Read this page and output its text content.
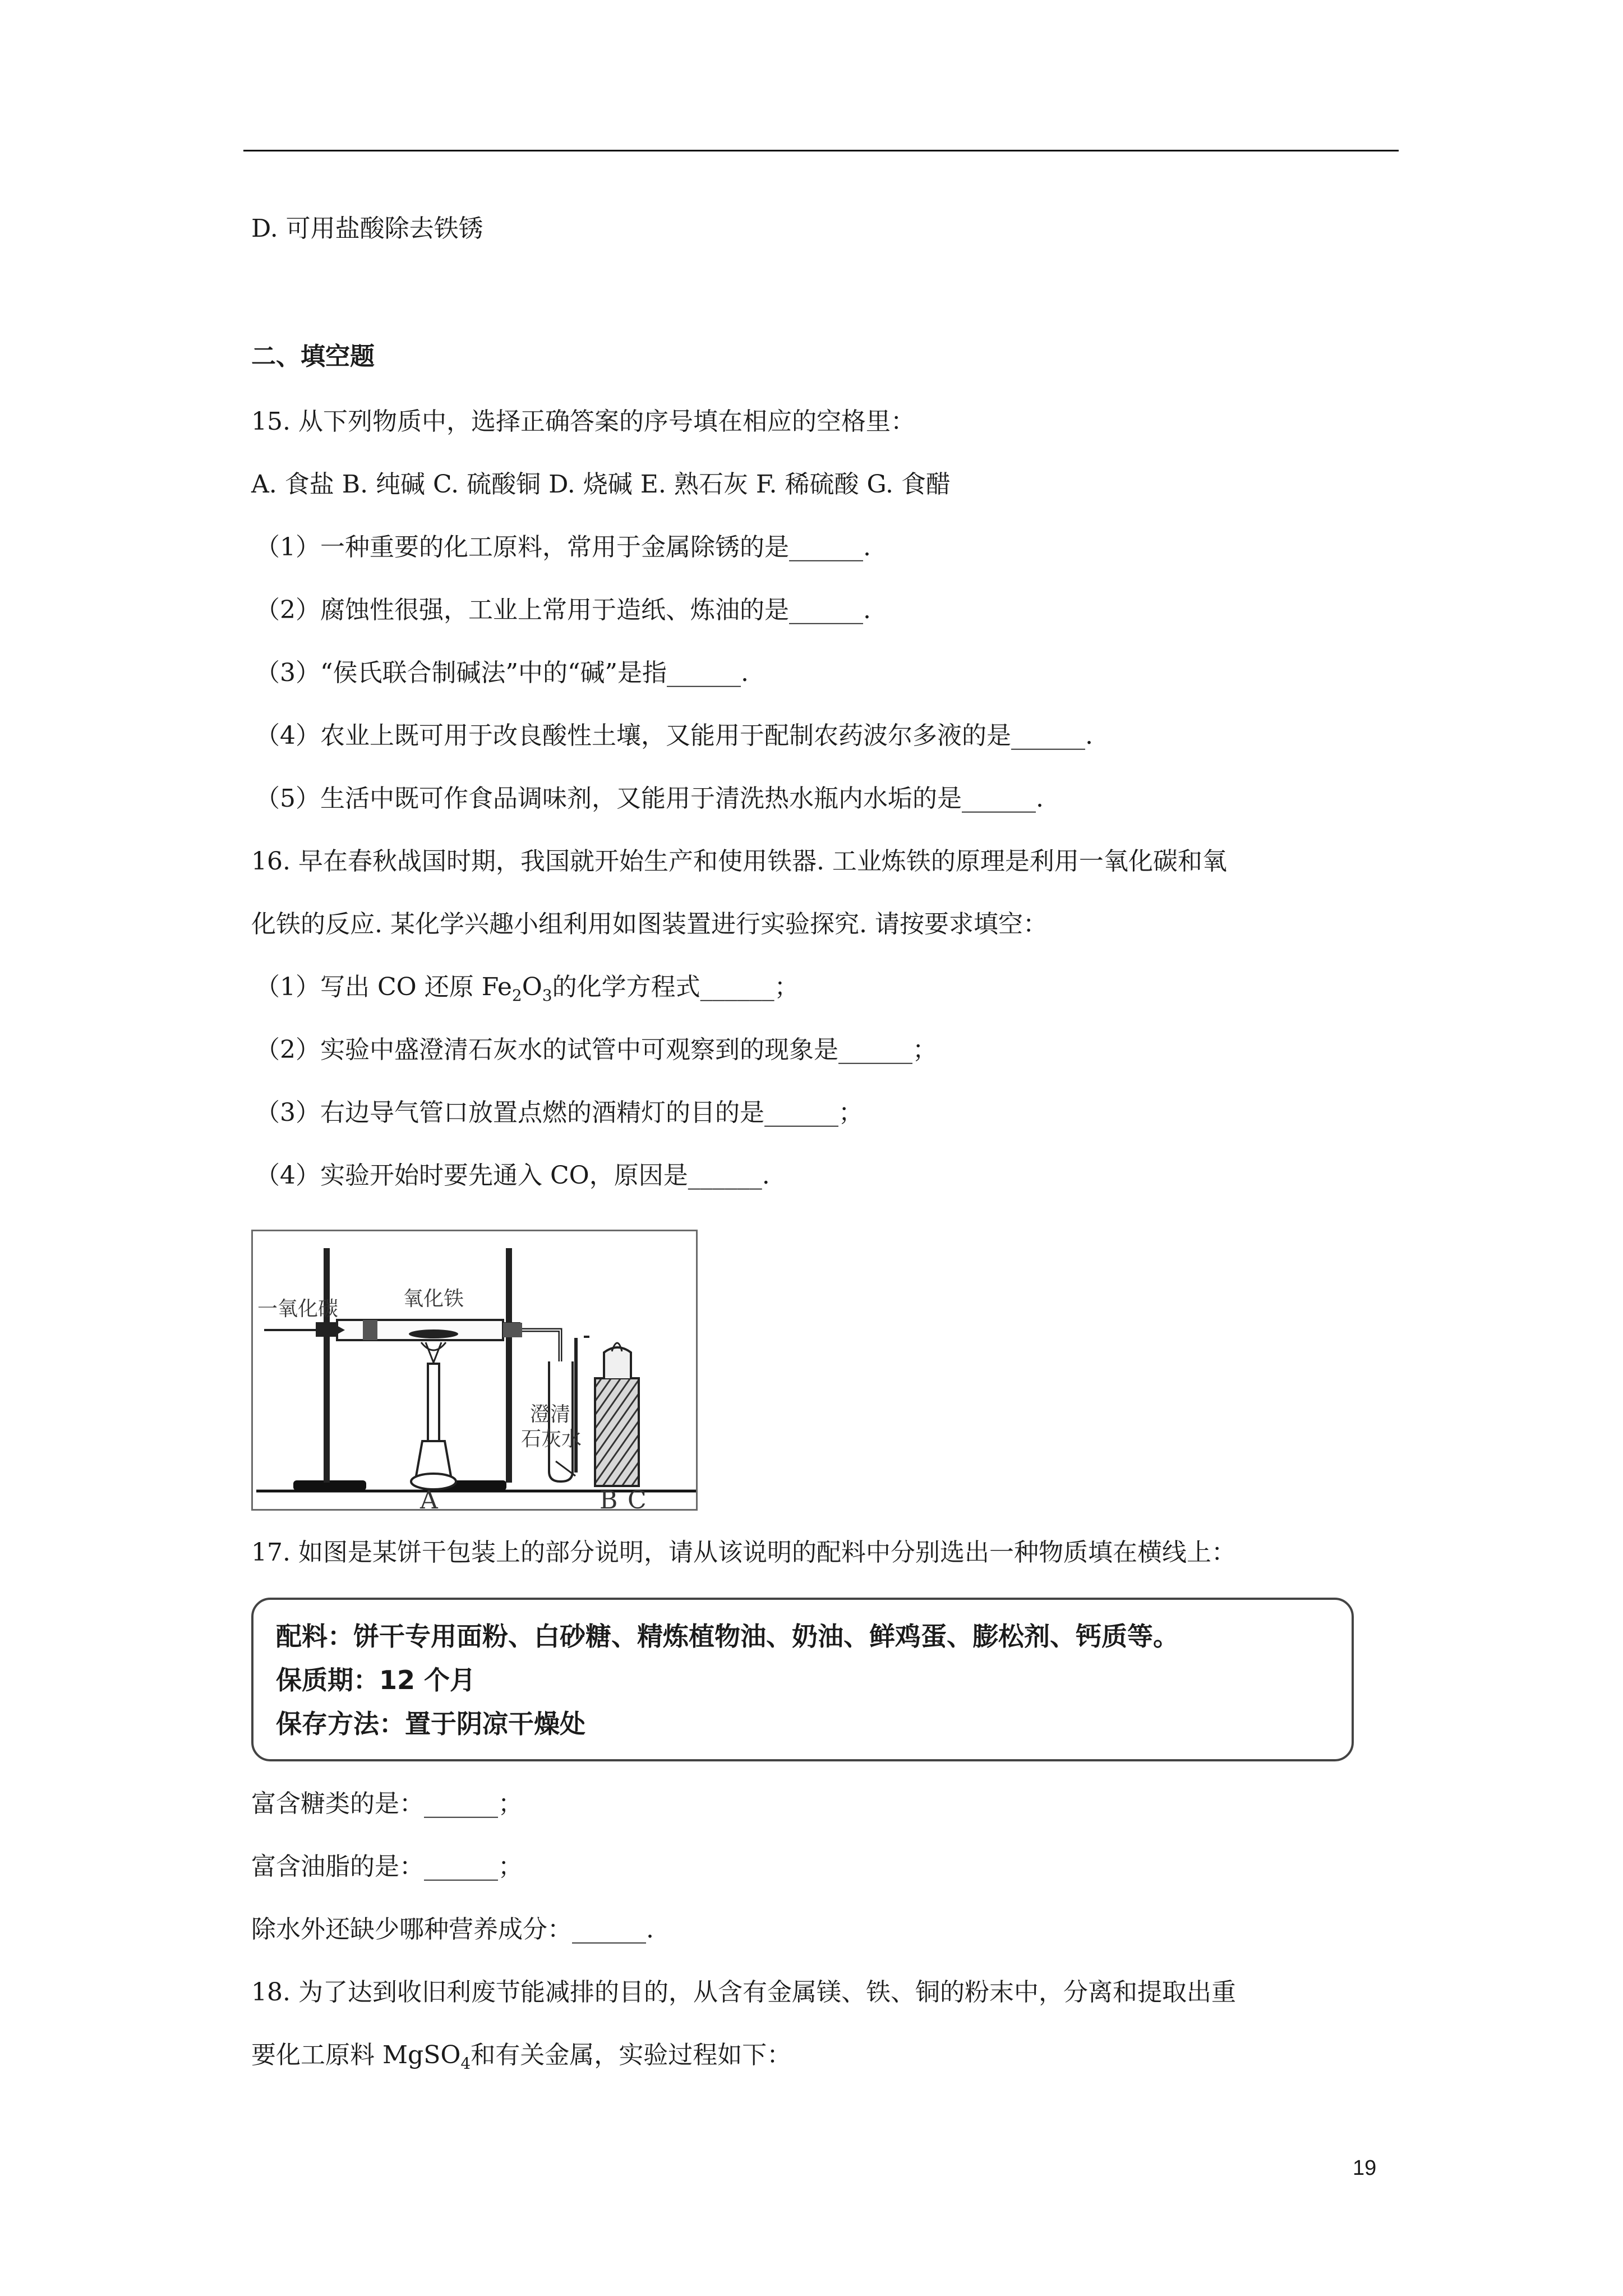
D. 可用盐酸除去铁锈
二、填空题
15. 从下列物质中，选择正确答案的序号填在相应的空格里：
A. 食盐 B. 纯碱 C. 硫酸铜 D. 烧碱 E. 熟石灰 F. 稀硫酸 G. 食醋
（1）一种重要的化工原料，常用于金属除锈的是______.
（2）腐蚀性很强，工业上常用于造纸、炼油的是______.
（3）“侯氏联合制碱法”中的“碱”是指______.
（4）农业上既可用于改良酸性土壤，又能用于配制农药波尔多液的是______.
（5）生活中既可作食品调味剂，又能用于清洗热水瓶内水垢的是______.
16. 早在春秋战国时期，我国就开始生产和使用铁器. 工业炼铁的原理是利用一氧化碳和氧
化铁的反应. 某化学兴趣小组利用如图装置进行实验探究. 请按要求填空：
（1）写出 CO 还原 $Fe_2O_3$的化学方程式______；
（2）实验中盛澄清石灰水的试管中可观察到的现象是______；
（3）右边导气管口放置点燃的酒精灯的目的是______；
（4）实验开始时要先通入 CO，原因是______.
一氧化碳	氧化铁
澄清
石灰水
A	B C
17. 如图是某饼干包装上的部分说明，请从该说明的配料中分别选出一种物质填在横线上：
配料：饼干专用面粉、白砂糖、精炼植物油、奶油、鲜鸡蛋、膨松剂、钙质等。
保质期：12 个月
保存方法：置于阴凉干燥处
富含糖类的是：______；
富含油脂的是：______；
除水外还缺少哪种营养成分：______.
18. 为了达到收旧利废节能减排的目的，从含有金属镁、铁、铜的粉末中，分离和提取出重
要化工原料 MgSO$_4$和有关金属，实验过程如下：
19
